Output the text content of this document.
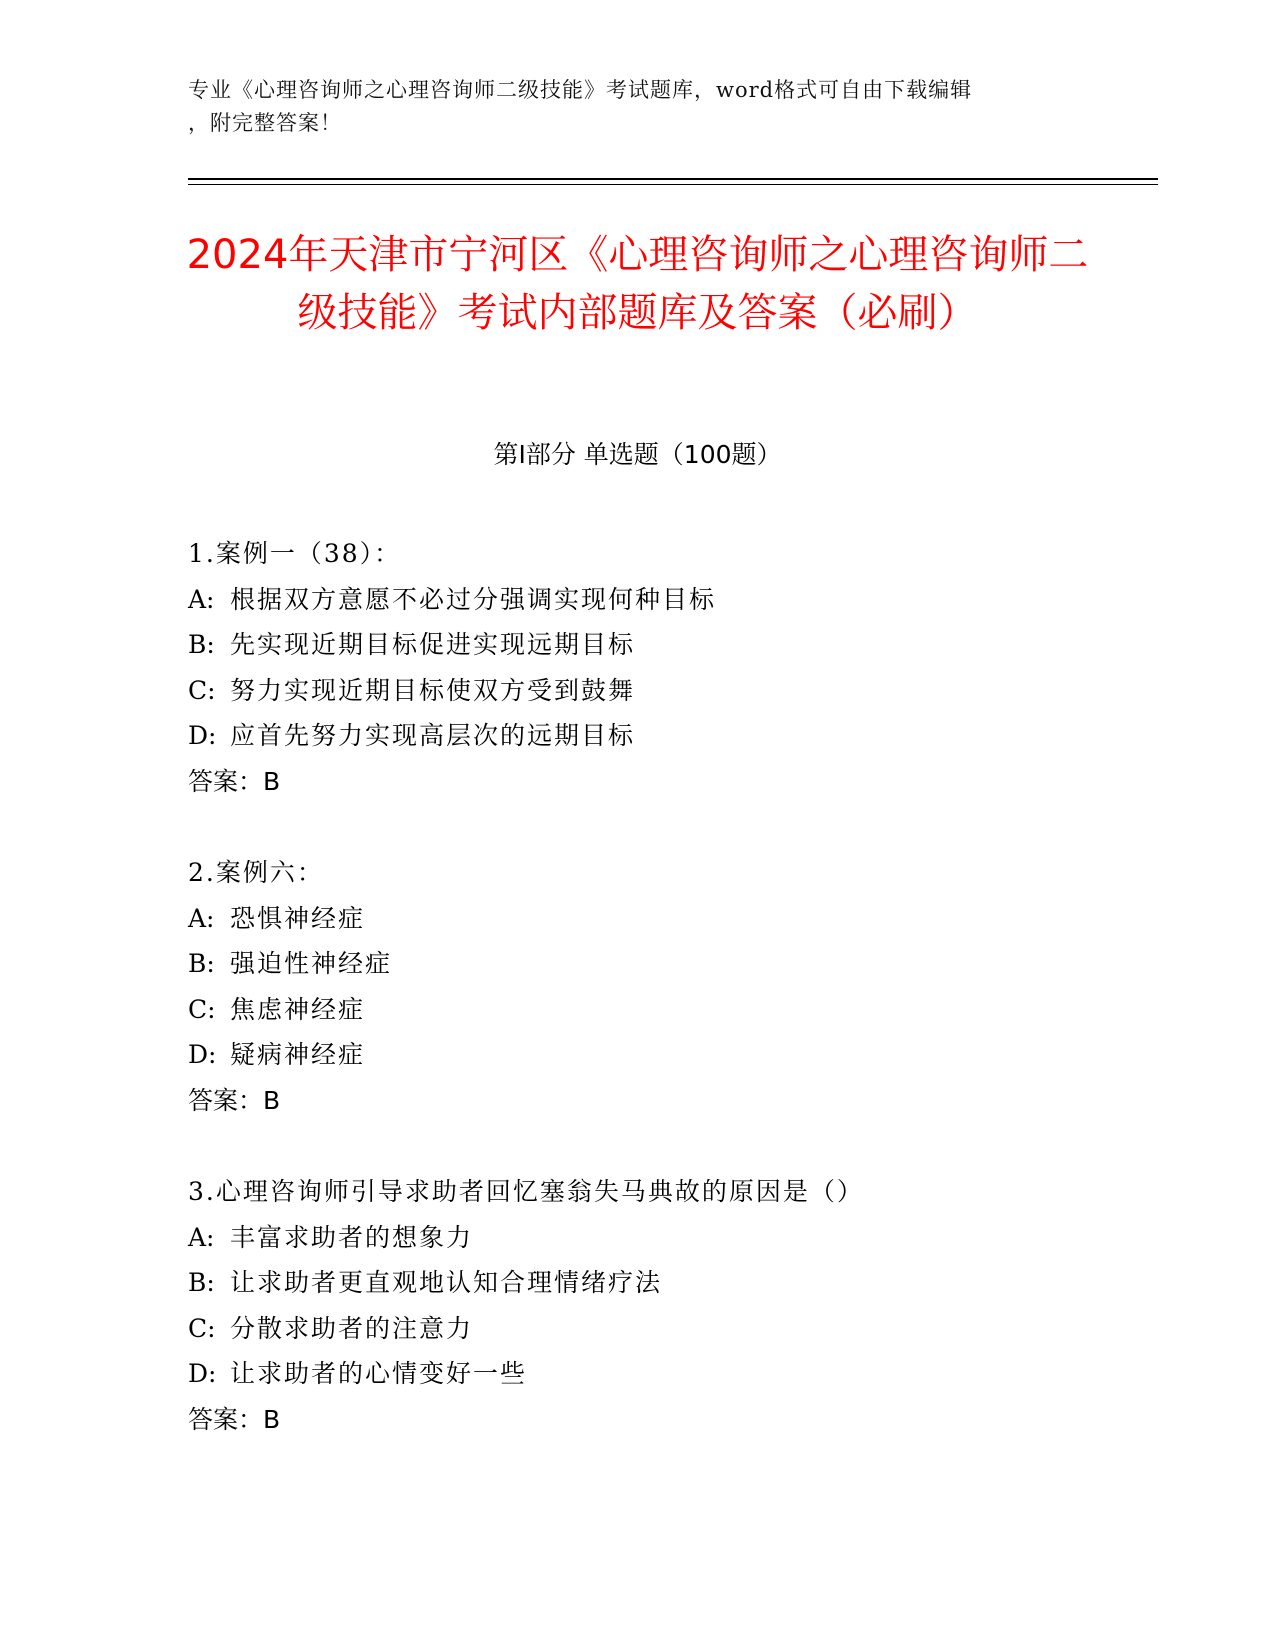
专业《心理咨询师之心理咨询师二级技能》考试题库，word格式可自由下载编辑
，附完整答案！
2024年天津市宁河区《心理咨询师之心理咨询师二级技能》考试内部题库及答案（必刷）
第Ⅰ部分 单选题（100题）
1.案例一（38）：
A: 根据双方意愿不必过分强调实现何种目标
B: 先实现近期目标促进实现远期目标
C: 努力实现近期目标使双方受到鼓舞
D: 应首先努力实现高层次的远期目标
答案：B
2.案例六：
A: 恐惧神经症
B: 强迫性神经症
C: 焦虑神经症
D: 疑病神经症
答案：B
3.心理咨询师引导求助者回忆塞翁失马典故的原因是（）
A: 丰富求助者的想象力
B: 让求助者更直观地认知合理情绪疗法
C: 分散求助者的注意力
D: 让求助者的心情变好一些
答案：B
